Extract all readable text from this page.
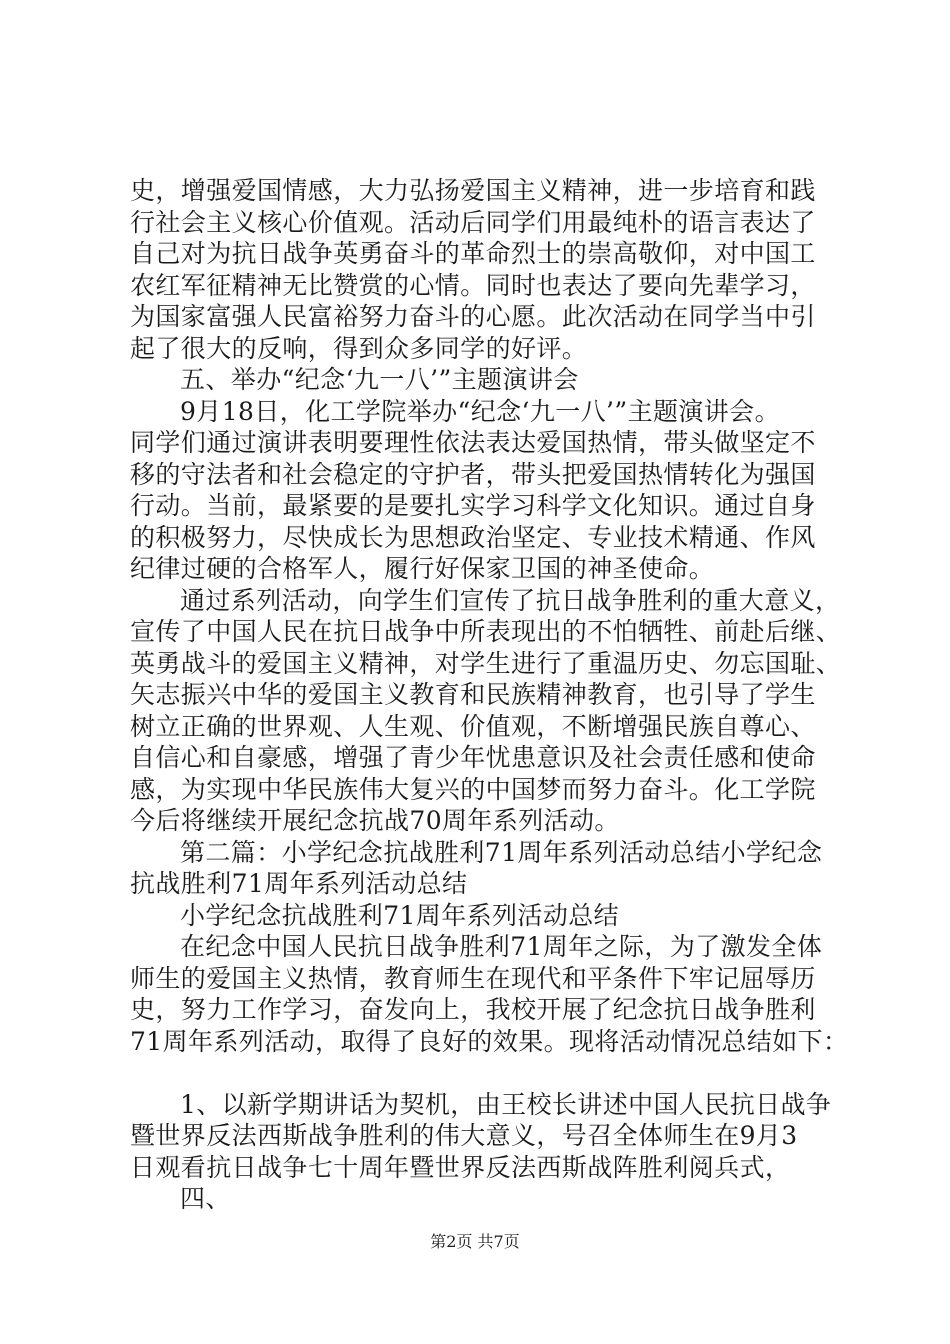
史，增强爱国情感，大力弘扬爱国主义精神，进一步培育和践
行社会主义核心价值观。活动后同学们用最纯朴的语言表达了
自己对为抗日战争英勇奋斗的革命烈士的崇高敬仰，对中国工
农红军征精神无比赞赏的心情。同时也表达了要向先辈学习，
为国家富强人民富裕努力奋斗的心愿。此次活动在同学当中引
起了很大的反响，得到众多同学的好评。
五、举办“纪念‘九一八’”主题演讲会
9月18日，化工学院举办“纪念‘九一八’”主题演讲会。
同学们通过演讲表明要理性依法表达爱国热情，带头做坚定不
移的守法者和社会稳定的守护者，带头把爱国热情转化为强国
行动。当前，最紧要的是要扎实学习科学文化知识。通过自身
的积极努力，尽快成长为思想政治坚定、专业技术精通、作风
纪律过硬的合格军人，履行好保家卫国的神圣使命。
通过系列活动，向学生们宣传了抗日战争胜利的重大意义，
宣传了中国人民在抗日战争中所表现出的不怕牺牲、前赴后继、
英勇战斗的爱国主义精神，对学生进行了重温历史、勿忘国耻、
矢志振兴中华的爱国主义教育和民族精神教育，也引导了学生
树立正确的世界观、人生观、价值观，不断增强民族自尊心、
自信心和自豪感，增强了青少年忧患意识及社会责任感和使命
感，为实现中华民族伟大复兴的中国梦而努力奋斗。化工学院
今后将继续开展纪念抗战70周年系列活动。
第二篇：小学纪念抗战胜利71周年系列活动总结小学纪念
抗战胜利71周年系列活动总结
小学纪念抗战胜利71周年系列活动总结
在纪念中国人民抗日战争胜利71周年之际，为了激发全体
师生的爱国主义热情，教育师生在现代和平条件下牢记屈辱历
史，努力工作学习，奋发向上，我校开展了纪念抗日战争胜利
71周年系列活动，取得了良好的效果。现将活动情况总结如下：
1、以新学期讲话为契机，由王校长讲述中国人民抗日战争
暨世界反法西斯战争胜利的伟大意义，号召全体师生在9月3
日观看抗日战争七十周年暨世界反法西斯战阵胜利阅兵式，
四、
第2页 共7页
